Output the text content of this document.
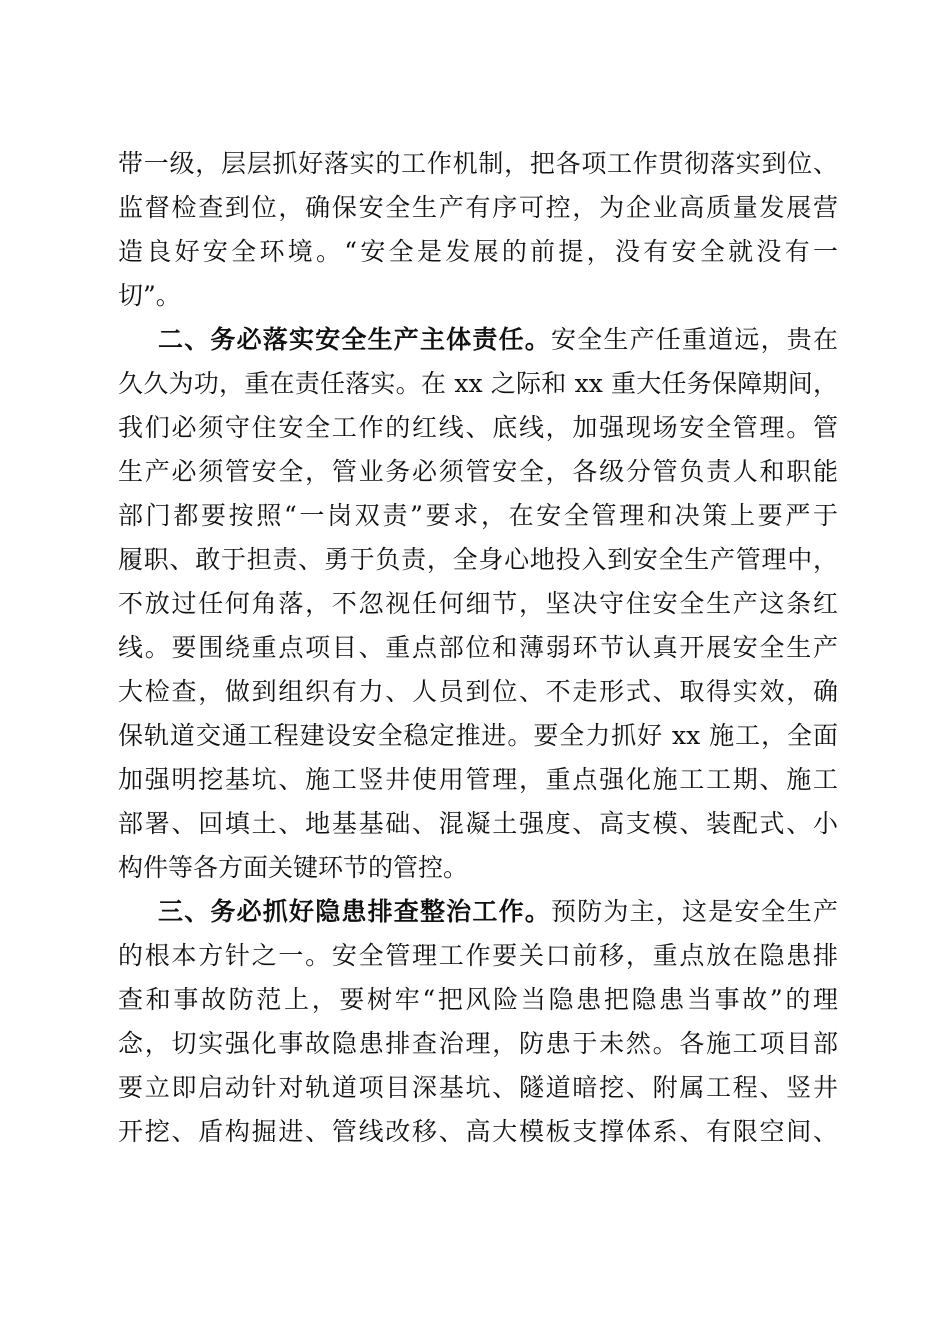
带一级，层层抓好落实的工作机制，把各项工作贯彻落实到位、
监督检查到位，确保安全生产有序可控，为企业高质量发展营
造良好安全环境。“安全是发展的前提，没有安全就没有一
切”。
二、务必落实安全生产主体责任。安全生产任重道远，贵在
久久为功，重在责任落实。在 xx 之际和 xx 重大任务保障期间，
我们必须守住安全工作的红线、底线，加强现场安全管理。管
生产必须管安全，管业务必须管安全，各级分管负责人和职能
部门都要按照“一岗双责”要求，在安全管理和决策上要严于
履职、敢于担责、勇于负责，全身心地投入到安全生产管理中，
不放过任何角落，不忽视任何细节，坚决守住安全生产这条红
线。要围绕重点项目、重点部位和薄弱环节认真开展安全生产
大检查，做到组织有力、人员到位、不走形式、取得实效，确
保轨道交通工程建设安全稳定推进。要全力抓好 xx 施工，全面
加强明挖基坑、施工竖井使用管理，重点强化施工工期、施工
部署、回填土、地基基础、混凝土强度、高支模、装配式、小
构件等各方面关键环节的管控。
三、务必抓好隐患排查整治工作。预防为主，这是安全生产
的根本方针之一。安全管理工作要关口前移，重点放在隐患排
查和事故防范上，要树牢“把风险当隐患把隐患当事故”的理
念，切实强化事故隐患排查治理，防患于未然。各施工项目部
要立即启动针对轨道项目深基坑、隧道暗挖、附属工程、竖井
开挖、盾构掘进、管线改移、高大模板支撑体系、有限空间、
